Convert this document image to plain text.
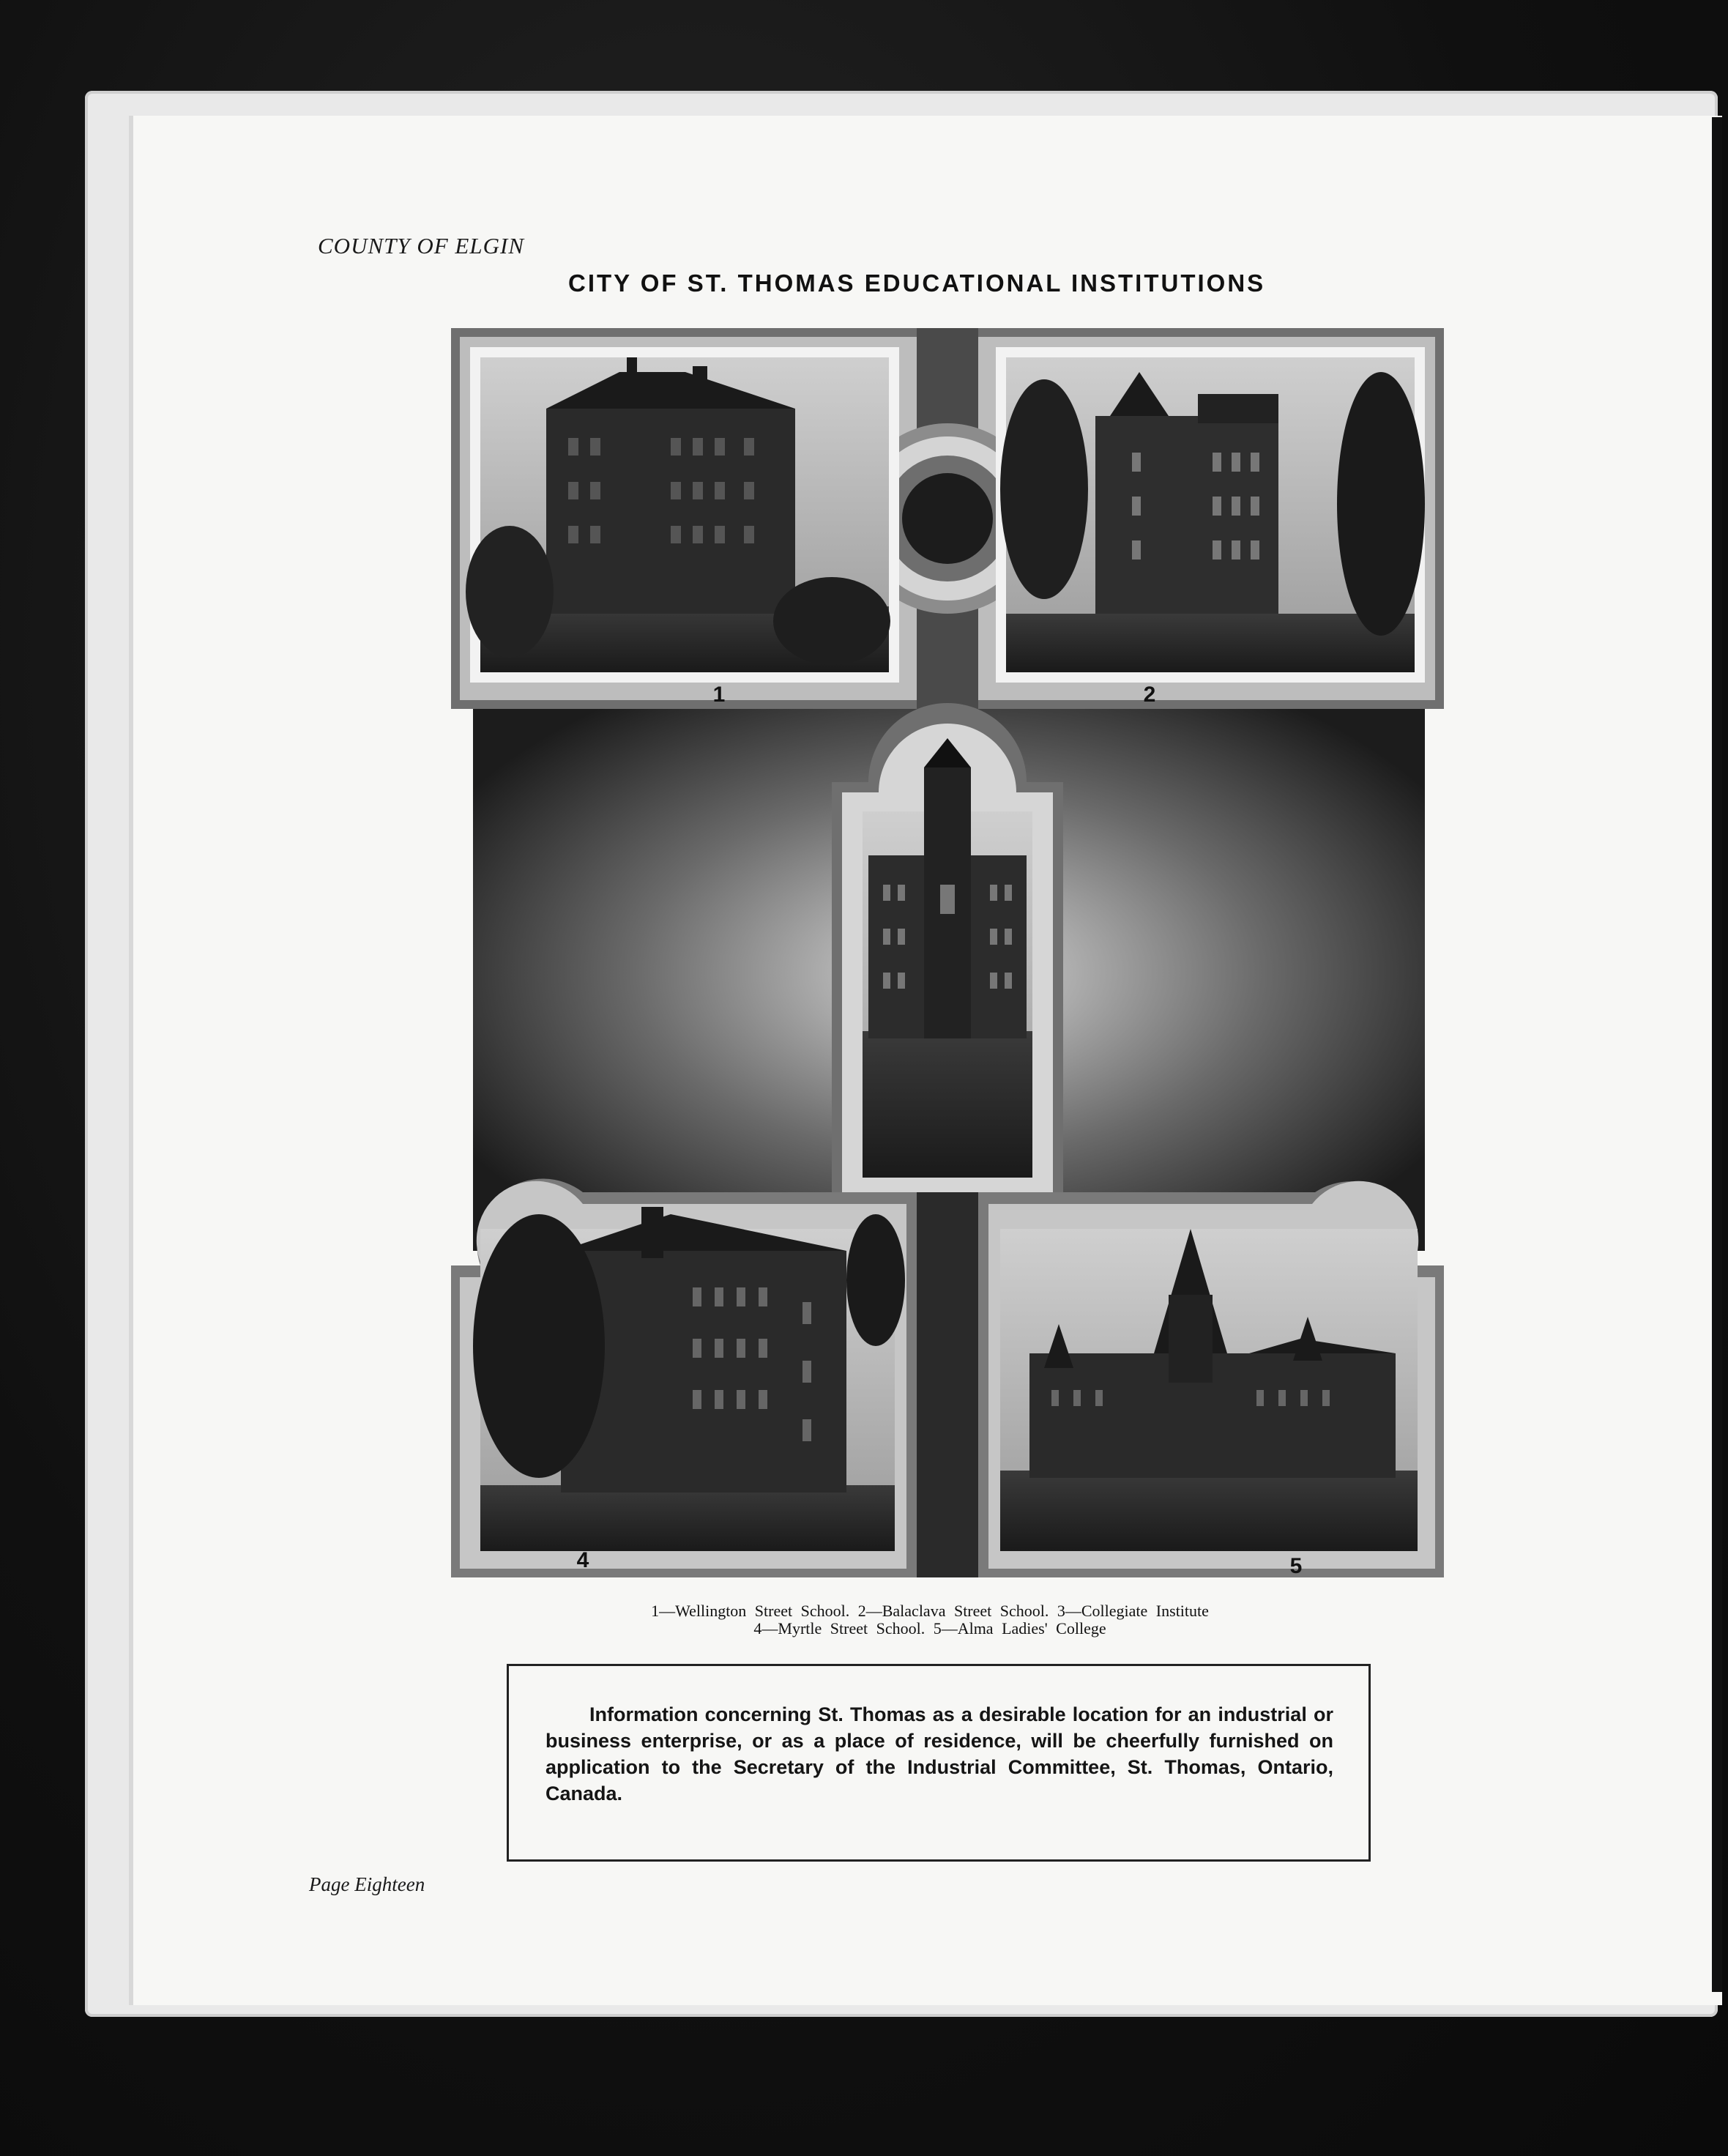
COUNTY OF ELGIN
CITY OF ST. THOMAS EDUCATIONAL INSTITUTIONS
1	2
4	5
1—Wellington Street School. 2—Balaclava Street School. 3—Collegiate Institute
4—Myrtle Street School. 5—Alma Ladies' College

Information concerning St. Thomas as a desirable location for an industrial or business enterprise, or as a place of residence, will be cheerfully furnished on application to the Secretary of the Industrial Committee, St. Thomas, Ontario, Canada.

Page Eighteen
